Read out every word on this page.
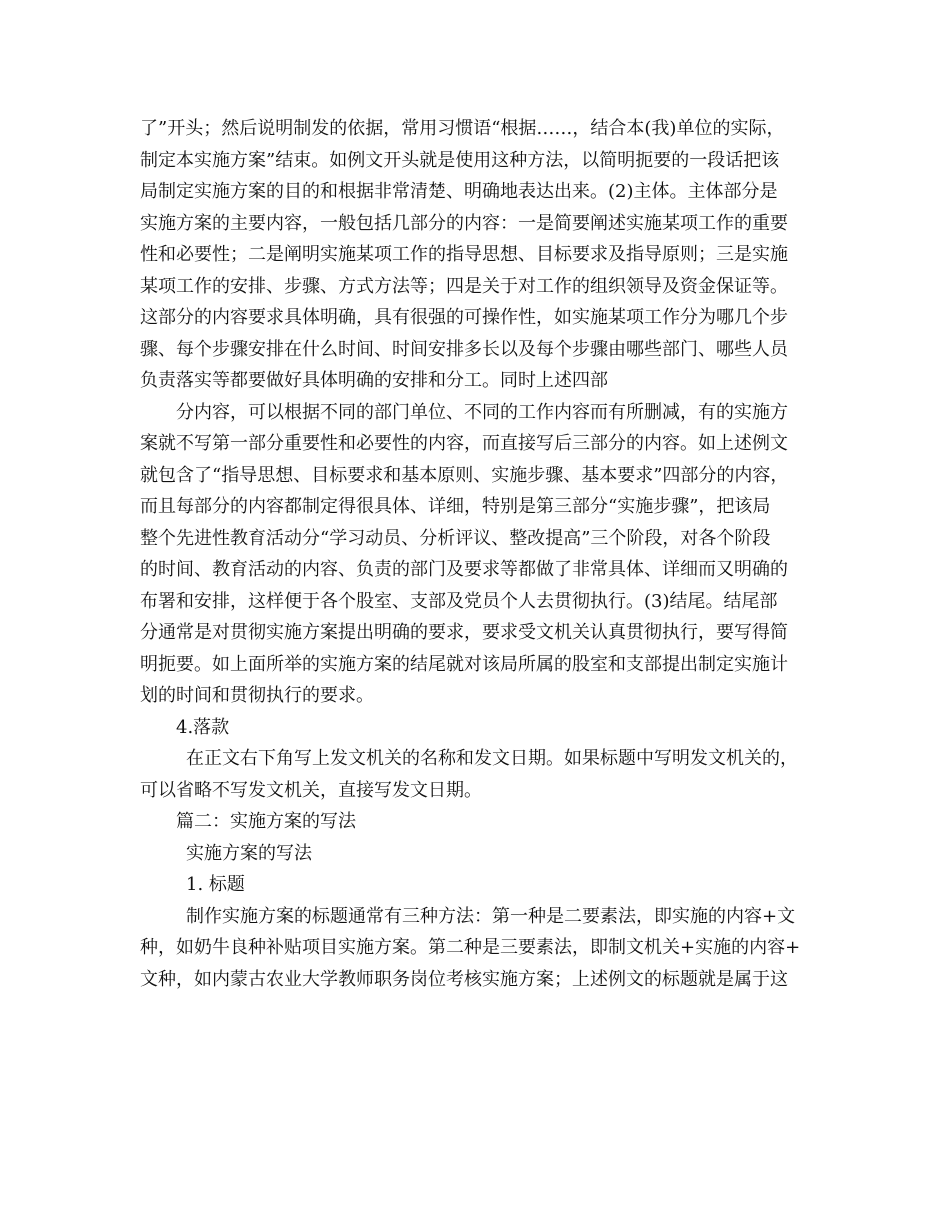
了”开头；然后说明制发的依据，常用习惯语“根据……，结合本(我)单位的实际，
制定本实施方案”结束。如例文开头就是使用这种方法，以简明扼要的一段话把该
局制定实施方案的目的和根据非常清楚、明确地表达出来。(2)主体。主体部分是
实施方案的主要内容，一般包括几部分的内容：一是简要阐述实施某项工作的重要
性和必要性；二是阐明实施某项工作的指导思想、目标要求及指导原则；三是实施
某项工作的安排、步骤、方式方法等；四是关于对工作的组织领导及资金保证等。
这部分的内容要求具体明确，具有很强的可操作性，如实施某项工作分为哪几个步
骤、每个步骤安排在什么时间、时间安排多长以及每个步骤由哪些部门、哪些人员
负责落实等都要做好具体明确的安排和分工。同时上述四部
分内容，可以根据不同的部门单位、不同的工作内容而有所删减，有的实施方
案就不写第一部分重要性和必要性的内容，而直接写后三部分的内容。如上述例文
就包含了“指导思想、目标要求和基本原则、实施步骤、基本要求”四部分的内容，
而且每部分的内容都制定得很具体、详细，特别是第三部分“实施步骤”，把该局
整个先进性教育活动分“学习动员、分析评议、整改提高”三个阶段，对各个阶段
的时间、教育活动的内容、负责的部门及要求等都做了非常具体、详细而又明确的
布署和安排，这样便于各个股室、支部及党员个人去贯彻执行。(3)结尾。结尾部
分通常是对贯彻实施方案提出明确的要求，要求受文机关认真贯彻执行，要写得简
明扼要。如上面所举的实施方案的结尾就对该局所属的股室和支部提出制定实施计
划的时间和贯彻执行的要求。
4.落款
在正文右下角写上发文机关的名称和发文日期。如果标题中写明发文机关的，
可以省略不写发文机关，直接写发文日期。
篇二：实施方案的写法
实施方案的写法
1. 标题
制作实施方案的标题通常有三种方法：第一种是二要素法，即实施的内容+文
种，如奶牛良种补贴项目实施方案。第二种是三要素法，即制文机关+实施的内容+
文种，如内蒙古农业大学教师职务岗位考核实施方案；上述例文的标题就是属于这
